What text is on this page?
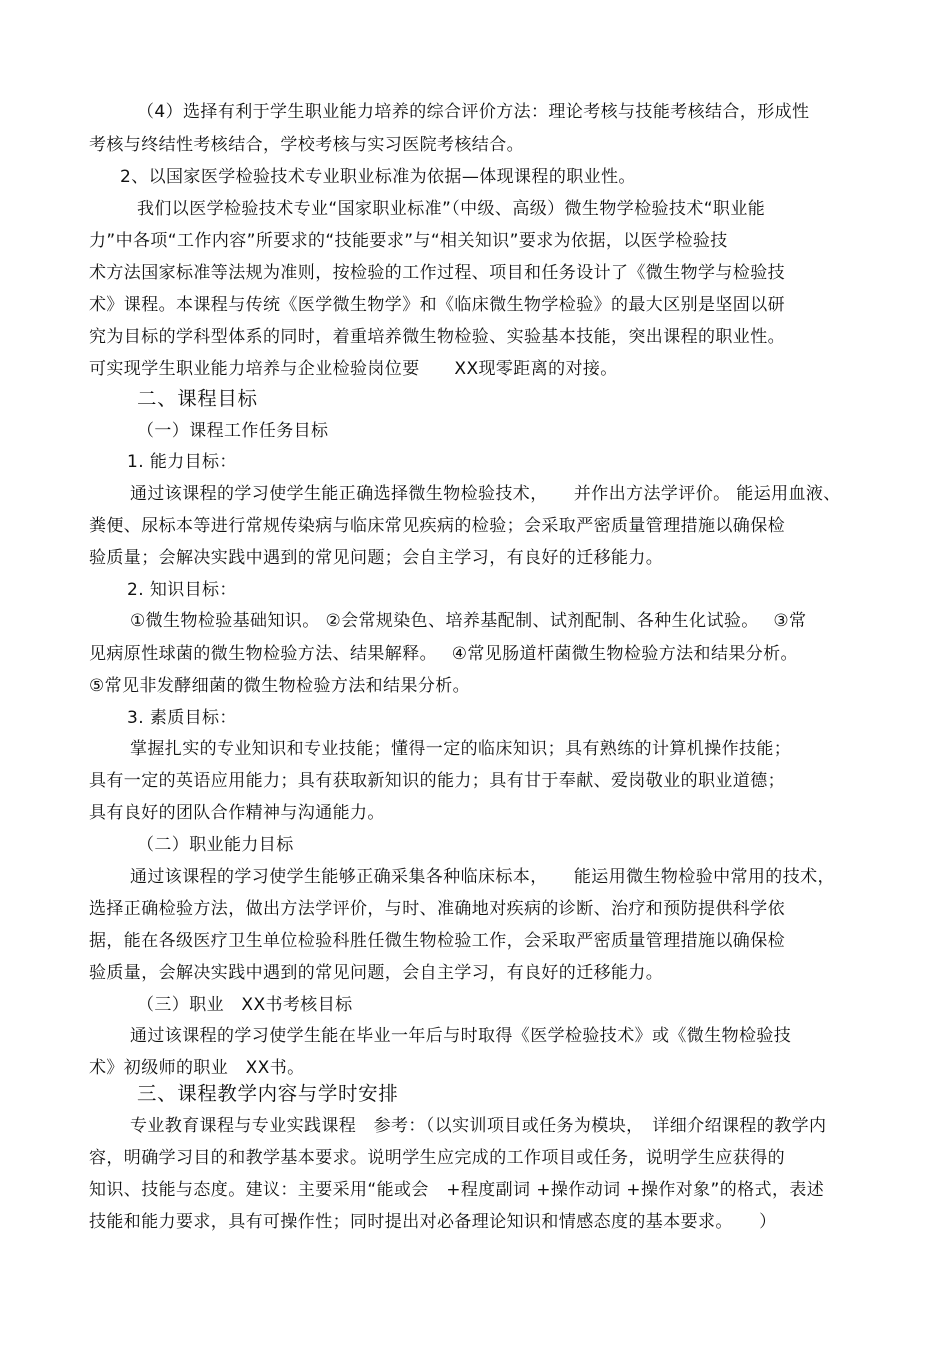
（4）选择有利于学生职业能力培养的综合评价方法：理论考核与技能考核结合，形成性
考核与终结性考核结合，学校考核与实习医院考核结合。
2、以国家医学检验技术专业职业标准为依据—体现课程的职业性。
我们以医学检验技术专业“国家职业标准”（中级、高级）微生物学检验技术“职业能
力”中各项“工作内容”所要求的“技能要求”与“相关知识”要求为依据，以医学检验技
术方法国家标准等法规为准则，按检验的工作过程、项目和任务设计了《微生物学与检验技
术》课程。本课程与传统《医学微生物学》和《临床微生物学检验》的最大区别是坚固以研
究为目标的学科型体系的同时，着重培养微生物检验、实验基本技能，突出课程的职业性。
可实现学生职业能力培养与企业检验岗位要　　XX现零距离的对接。
二、课程目标
（一）课程工作任务目标
1. 能力目标：
通过该课程的学习使学生能正确选择微生物检验技术，　　并作出方法学评价。 能运用血液、
粪便、尿标本等进行常规传染病与临床常见疾病的检验；会采取严密质量管理措施以确保检
验质量；会解决实践中遇到的常见问题；会自主学习，有良好的迁移能力。
2. 知识目标：
①微生物检验基础知识。 ②会常规染色、培养基配制、试剂配制、各种生化试验。　 ③常
见病原性球菌的微生物检验方法、结果解释。　 ④常见肠道杆菌微生物检验方法和结果分析。
⑤常见非发酵细菌的微生物检验方法和结果分析。
3. 素质目标：
掌握扎实的专业知识和专业技能；懂得一定的临床知识；具有熟练的计算机操作技能；
具有一定的英语应用能力；具有获取新知识的能力；具有甘于奉献、爱岗敬业的职业道德；
具有良好的团队合作精神与沟通能力。
（二）职业能力目标
通过该课程的学习使学生能够正确采集各种临床标本，　　能运用微生物检验中常用的技术，
选择正确检验方法，做出方法学评价，与时、准确地对疾病的诊断、治疗和预防提供科学依
据，能在各级医疗卫生单位检验科胜任微生物检验工作，会采取严密质量管理措施以确保检
验质量，会解决实践中遇到的常见问题，会自主学习，有良好的迁移能力。
（三）职业　XX书考核目标
通过该课程的学习使学生能在毕业一年后与时取得《医学检验技术》或《微生物检验技
术》初级师的职业　XX书。
三、课程教学内容与学时安排
专业教育课程与专业实践课程　参考：（以实训项目或任务为模块，　详细介绍课程的教学内
容，明确学习目的和教学基本要求。说明学生应完成的工作项目或任务，说明学生应获得的
知识、技能与态度。建议：主要采用“能或会　+程度副词 +操作动词 +操作对象”的格式，表述
技能和能力要求，具有可操作性；同时提出对必备理论知识和情感态度的基本要求。　　）
